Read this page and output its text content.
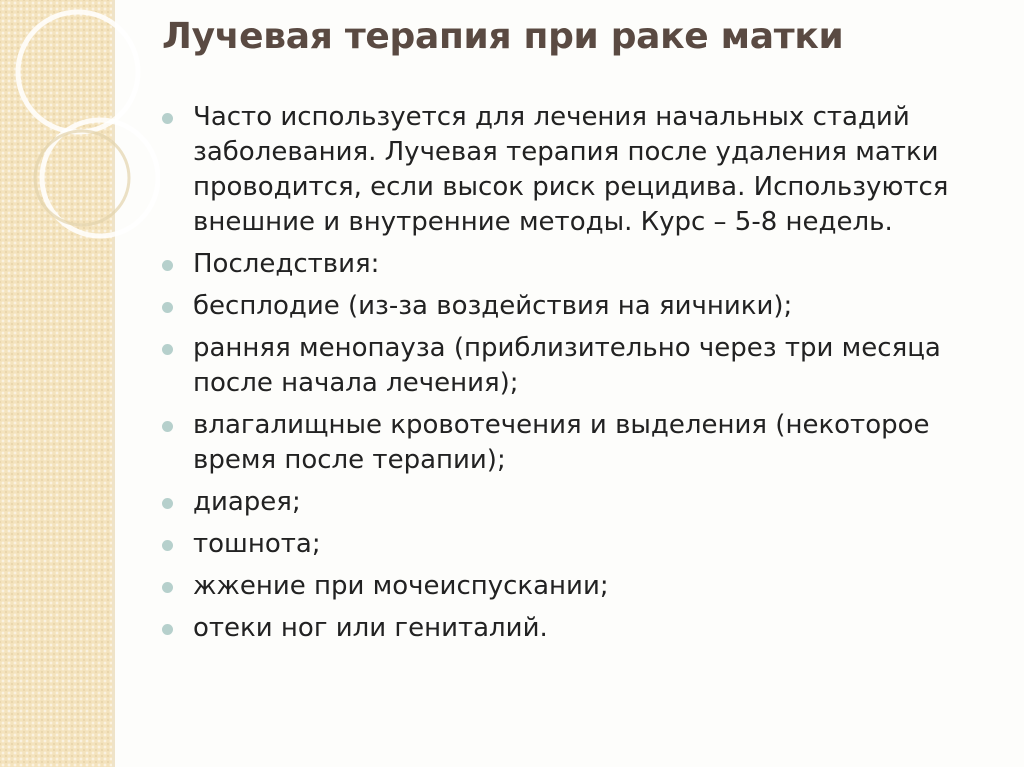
Лучевая терапия при раке матки
Часто используется для лечения начальных стадий заболевания. Лучевая терапия после удаления матки проводится, если высок риск рецидива. Используются внешние и внутренние методы. Курс – 5-8 недель.
Последствия:
бесплодие (из-за воздействия на яичники);
ранняя менопауза (приблизительно через три месяца после начала лечения);
влагалищные кровотечения и выделения (некоторое время после терапии);
диарея;
тошнота;
жжение при мочеиспускании;
отеки ног или гениталий.
